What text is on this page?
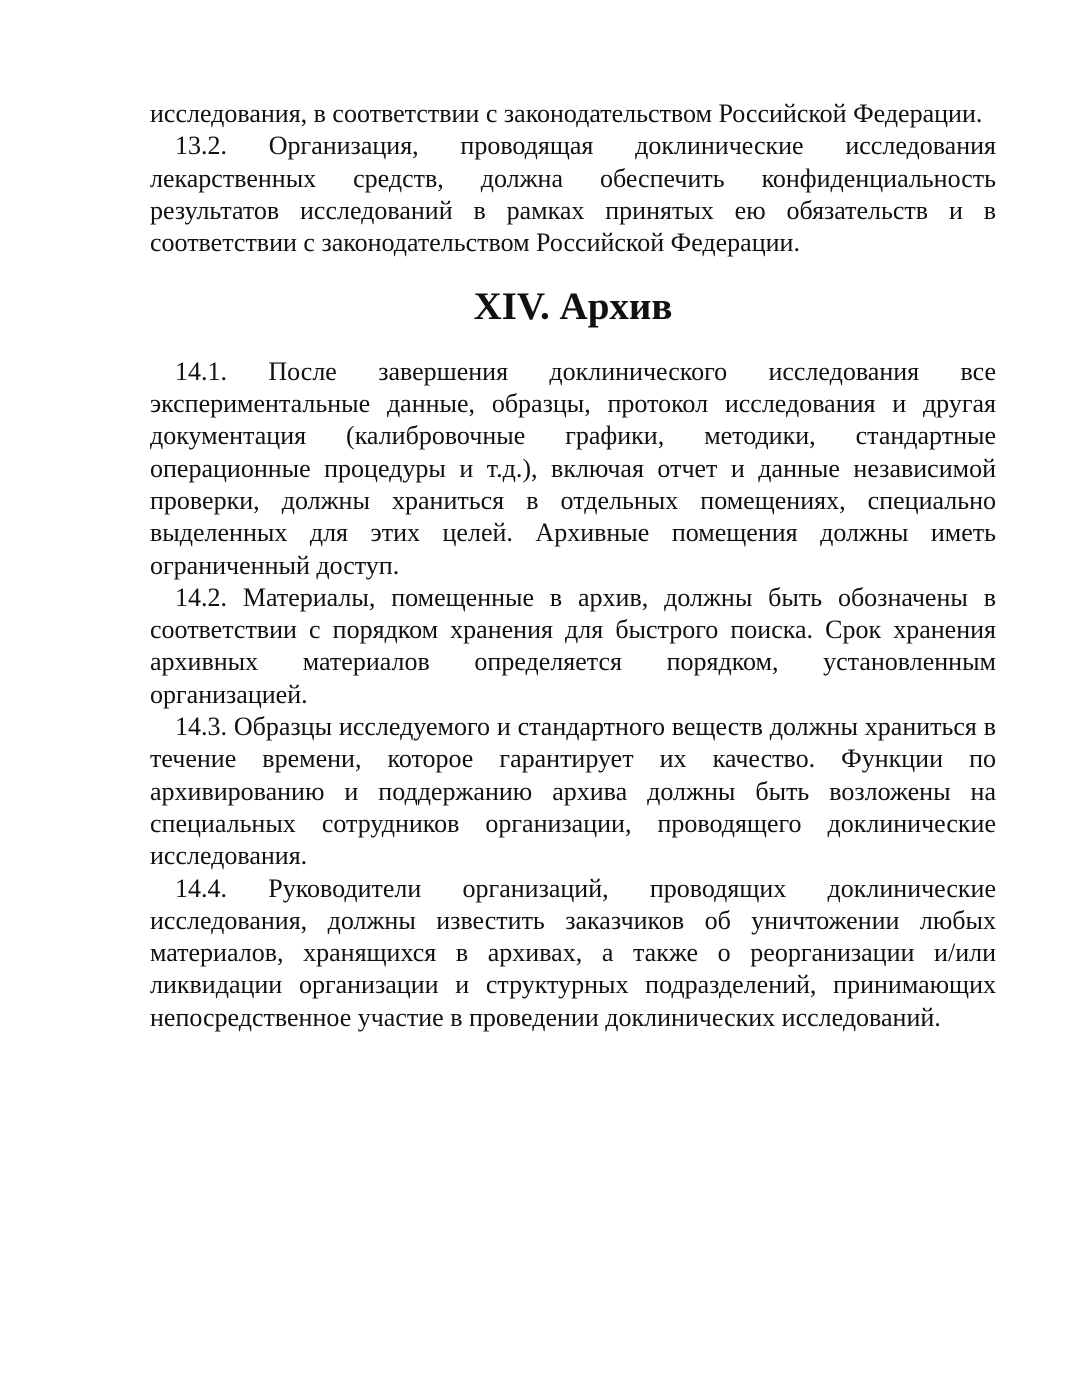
исследования, в соответствии с законодательством Российской Федерации.

13.2. Организация, проводящая доклинические исследования лекарственных средств, должна обеспечить конфиденциальность результатов исследований в рамках принятых ею обязательств и в соответствии с законодательством Российской Федерации.

XIV. Архив

14.1. После завершения доклинического исследования все экспериментальные данные, образцы, протокол исследования и другая документация (калибровочные графики, методики, стандартные операционные процедуры и т.д.), включая отчет и данные независимой проверки, должны храниться в отдельных помещениях, специально выделенных для этих целей. Архивные помещения должны иметь ограниченный доступ.

14.2. Материалы, помещенные в архив, должны быть обозначены в соответствии с порядком хранения для быстрого поиска. Срок хранения архивных материалов определяется порядком, установленным организацией.

14.3. Образцы исследуемого и стандартного веществ должны храниться в течение времени, которое гарантирует их качество. Функции по архивированию и поддержанию архива должны быть возложены на специальных сотрудников организации, проводящего доклинические исследования.

14.4. Руководители организаций, проводящих доклинические исследования, должны известить заказчиков об уничтожении любых материалов, хранящихся в архивах, а также о реорганизации и/или ликвидации организации и структурных подразделений, принимающих непосредственное участие в проведении доклинических исследований.
